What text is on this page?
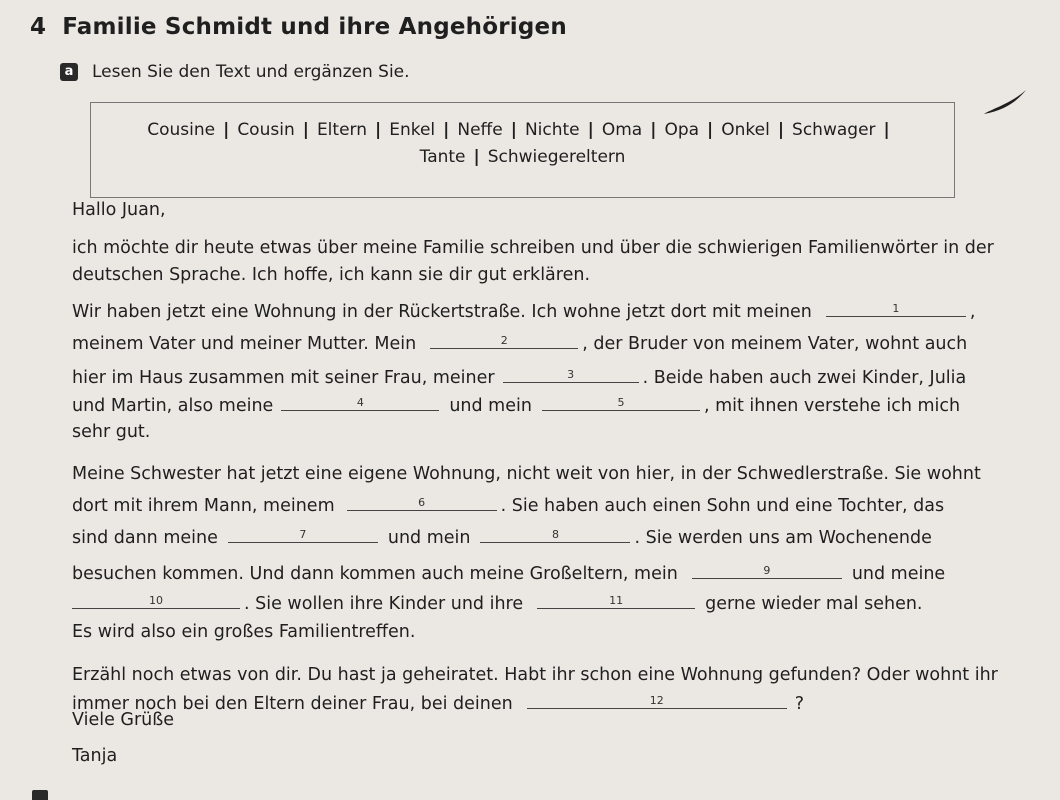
4 Familie Schmidt und ihre Angehörigen
a Lesen Sie den Text und ergänzen Sie.
Cousine | Cousin | Eltern | Enkel | Neffe | Nichte | Oma | Opa | Onkel | Schwager |
Tante | Schwiegereltern
Hallo Juan,
ich möchte dir heute etwas über meine Familie schreiben und über die schwierigen Familienwörter in der
deutschen Sprache. Ich hoffe, ich kann sie dir gut erklären.
Wir haben jetzt eine Wohnung in der Rückertstraße. Ich wohne jetzt dort mit meinen	1	,
meinem Vater und meiner Mutter. Mein	2	, der Bruder von meinem Vater, wohnt auch
hier im Haus zusammen mit seiner Frau, meiner	3	. Beide haben auch zwei Kinder, Julia
und Martin, also meine	4	und mein	5	, mit ihnen verstehe ich mich
sehr gut.
Meine Schwester hat jetzt eine eigene Wohnung, nicht weit von hier, in der Schwedlerstraße. Sie wohnt
dort mit ihrem Mann, meinem	6	. Sie haben auch einen Sohn und eine Tochter, das
sind dann meine	7	und mein	8	. Sie werden uns am Wochenende
besuchen kommen. Und dann kommen auch meine Großeltern, mein	9	und meine
10	. Sie wollen ihre Kinder und ihre	11	gerne wieder mal sehen.
Es wird also ein großes Familientreffen.
Erzähl noch etwas von dir. Du hast ja geheiratet. Habt ihr schon eine Wohnung gefunden? Oder wohnt ihr
immer noch bei den Eltern deiner Frau, bei deinen	12	?
Viele Grüße
Tanja
